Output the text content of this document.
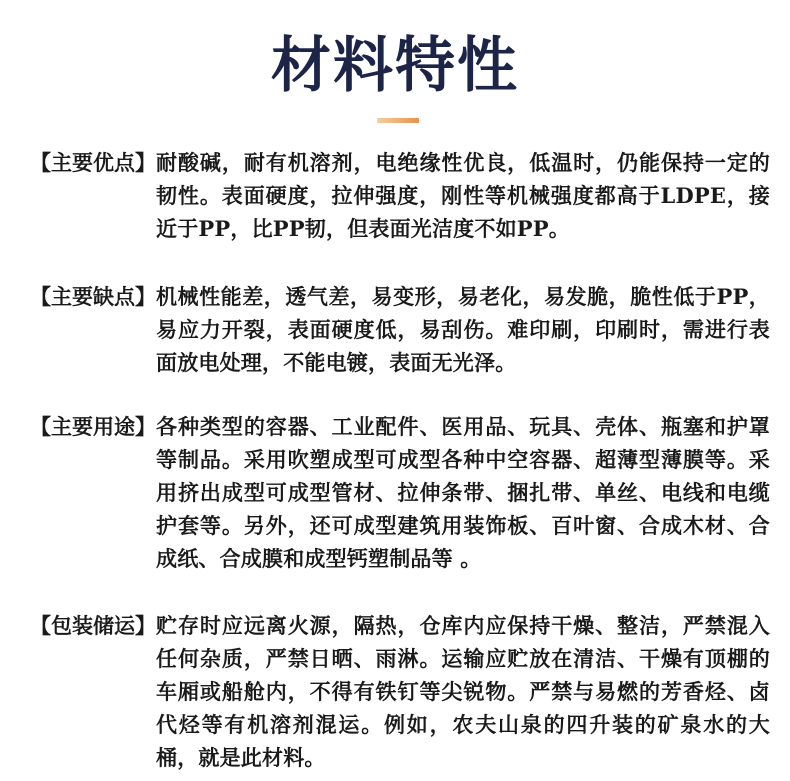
材料特性
【主要优点】 耐酸碱，耐有机溶剂，电绝缘性优良，低温时，仍能保持一定的韧性。表面硬度，拉伸强度，刚性等机械强度都高于LDPE，接近于PP，比PP韧，但表面光洁度不如PP。
【主要缺点】 机械性能差，透气差，易变形，易老化，易发脆，脆性低于PP，易应力开裂，表面硬度低，易刮伤。难印刷，印刷时，需进行表面放电处理，不能电镀，表面无光泽。
【主要用途】 各种类型的容器、工业配件、医用品、玩具、壳体、瓶塞和护罩等制品。采用吹塑成型可成型各种中空容器、超薄型薄膜等。采用挤出成型可成型管材、拉伸条带、捆扎带、单丝、电线和电缆护套等。另外，还可成型建筑用装饰板、百叶窗、合成木材、合成纸、合成膜和成型钙塑制品等 。
【包装储运】 贮存时应远离火源，隔热，仓库内应保持干燥、整洁，严禁混入任何杂质，严禁日晒、雨淋。运输应贮放在清洁、干燥有顶棚的车厢或船舱内，不得有铁钉等尖锐物。严禁与易燃的芳香烃、卤代烃等有机溶剂混运。例如，农夫山泉的四升装的矿泉水的大桶，就是此材料。
